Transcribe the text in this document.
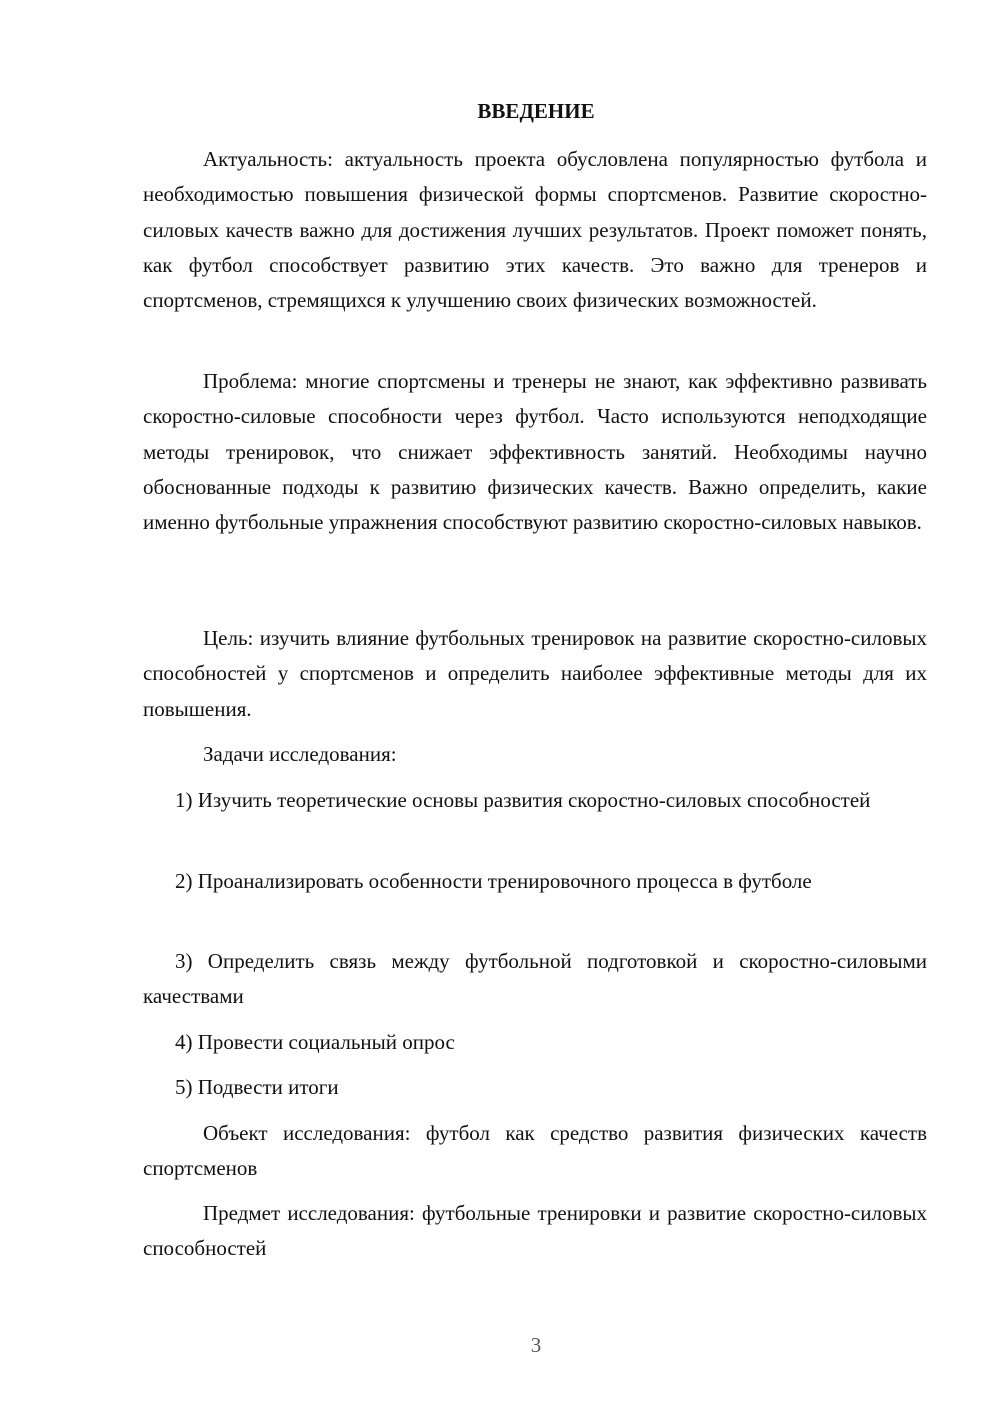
ВВЕДЕНИЕ

Актуальность: актуальность проекта обусловлена популярностью футбола и необходимостью повышения физической формы спортсменов. Развитие скоростно-силовых качеств важно для достижения лучших результатов. Проект поможет понять, как футбол способствует развитию этих качеств. Это важно для тренеров и спортсменов, стремящихся к улучшению своих физических возможностей.

Проблема: многие спортсмены и тренеры не знают, как эффективно развивать скоростно-силовые способности через футбол. Часто используются неподходящие методы тренировок, что снижает эффективность занятий. Необходимы научно обоснованные подходы к развитию физических качеств. Важно определить, какие именно футбольные упражнения способствуют развитию скоростно-силовых навыков.

Цель: изучить влияние футбольных тренировок на развитие скоростно-силовых способностей у спортсменов и определить наиболее эффективные методы для их повышения.

Задачи исследования:

1) Изучить теоретические основы развития скоростно-силовых способностей

2) Проанализировать особенности тренировочного процесса в футболе

3) Определить связь между футбольной подготовкой и скоростно-силовыми качествами

4) Провести социальный опрос

5) Подвести итоги

Объект исследования: футбол как средство развития физических качеств спортсменов

Предмет исследования: футбольные тренировки и развитие скоростно-силовых способностей

3
